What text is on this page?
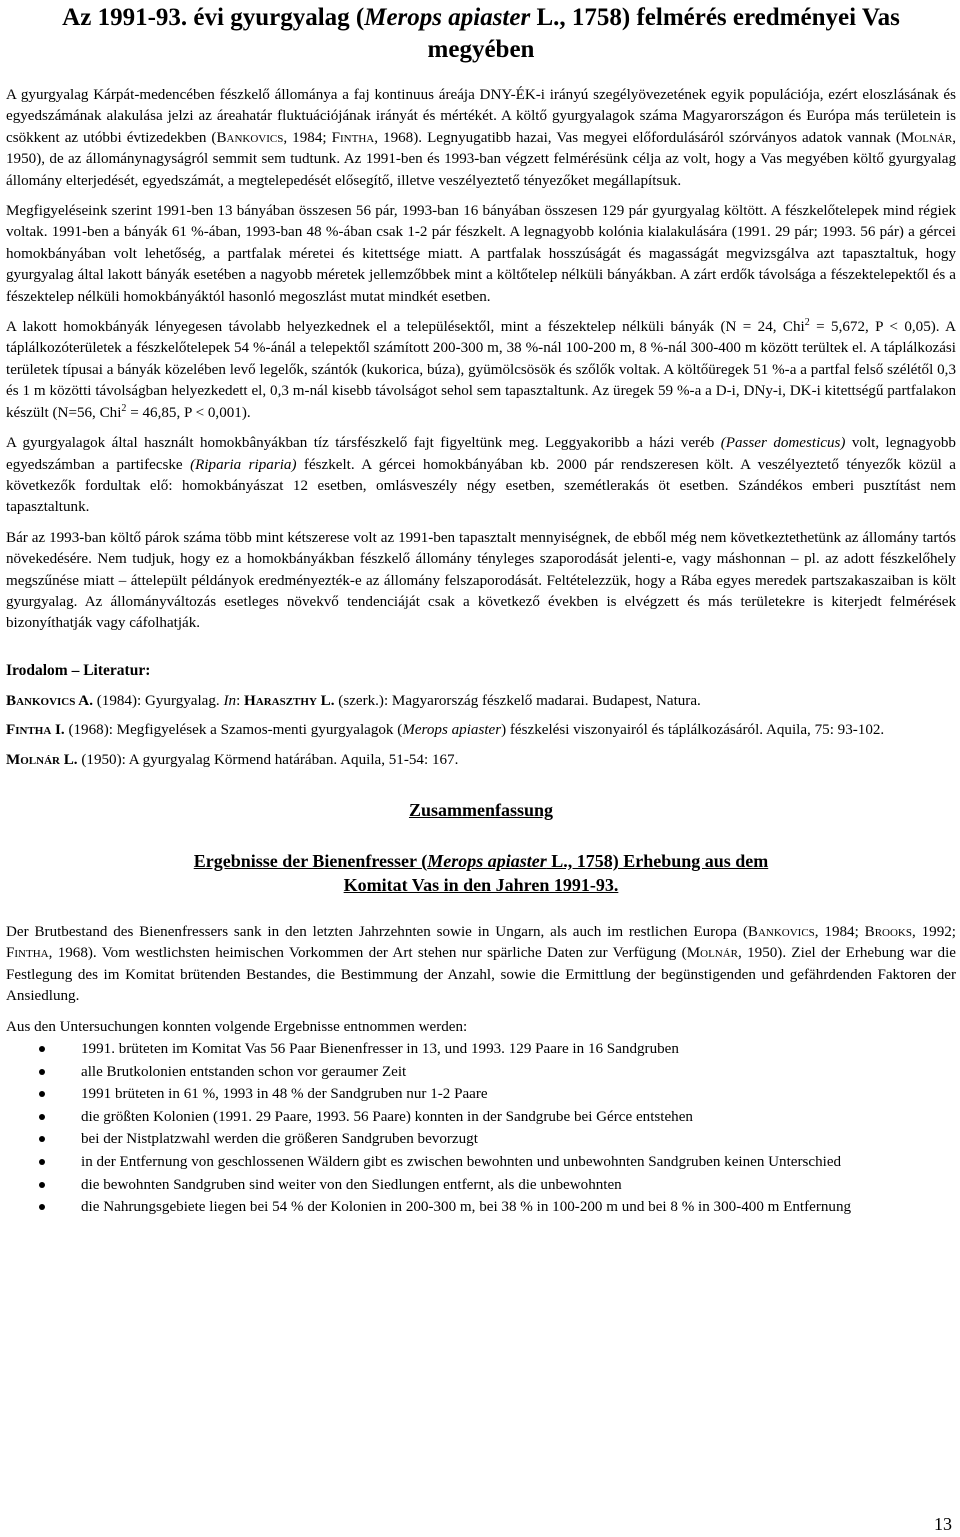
Az 1991-93. évi gyurgyalag (Merops apiaster L., 1758) felmérés eredményei Vas
megyében

A gyurgyalag Kárpát-medencében fészkelő állománya a faj kontinuus áreája DNY-ÉK-i irányú szegélyövezetének egyik populációja, ezért eloszlásának és egyedszámának alakulása jelzi az áreahatár fluktuációjának irányát és mértékét. A költő gyurgyalagok száma Magyarországon és Európa más területein is csökkent az utóbbi évtizedekben (Bankovics, 1984; Fintha, 1968). Legnyugatibb hazai, Vas megyei előfordulásáról szórványos adatok vannak (Molnár, 1950), de az állománynagyságról semmit sem tudtunk. Az 1991-ben és 1993-ban végzett felmérésünk célja az volt, hogy a Vas megyében költő gyurgyalag állomány elterjedését, egyedszámát, a megtelepedését elősegítő, illetve veszélyeztető tényezőket megállapítsuk.

Megfigyeléseink szerint 1991-ben 13 bányában összesen 56 pár, 1993-ban 16 bányában összesen 129 pár gyurgyalag költött. A fészkelőtelepek mind régiek voltak. 1991-ben a bányák 61 %-ában, 1993-ban 48 %-ában csak 1-2 pár fészkelt. A legnagyobb kolónia kialakulására (1991. 29 pár; 1993. 56 pár) a gércei homokbányában volt lehetőség, a partfalak méretei és kitettsége miatt. A partfalak hosszúságát és magasságát megvizsgálva azt tapasztaltuk, hogy gyurgyalag által lakott bányák esetében a nagyobb méretek jellemzőbbek mint a költőtelep nélküli bányákban. A zárt erdők távolsága a fészektelepektől és a fészektelep nélküli homokbányáktól hasonló megoszlást mutat mindkét esetben.

A lakott homokbányák lényegesen távolabb helyezkednek el a településektől, mint a fészektelep nélküli bányák (N = 24, Chi$^2$ = 5,672, P < 0,05). A táplálkozóterületek a fészkelőtelepek 54 %-ánál a telepektől számított 200-300 m, 38 %-nál 100-200 m, 8 %-nál 300-400 m között terültek el. A táplálkozási területek típusai a bányák közelében levő legelők, szántók (kukorica, búza), gyümölcsösök és szőlők voltak. A költőüregek 51 %-a a partfal felső szélétől 0,3 és 1 m közötti távolságban helyezkedett el, 0,3 m-nál kisebb távolságot sehol sem tapasztaltunk. Az üregek 59 %-a a D-i, DNy-i, DK-i kitettségű partfalakon készült (N=56, Chi$^2$ = 46,85, P < 0,001).

A gyurgyalagok által használt homokbânyákban tíz társfészkelő fajt figyeltünk meg. Leggyakoribb a házi veréb (Passer domesticus) volt, legnagyobb egyedszámban a partifecske (Riparia riparia) fészkelt. A gércei homokbányában kb. 2000 pár rendszeresen költ. A veszélyeztető tényezők közül a következők fordultak elő: homokbányászat 12 esetben, omlásveszély négy esetben, szemétlerakás öt esetben. Szándékos emberi pusztítást nem tapasztaltunk.

Bár az 1993-ban költő párok száma több mint kétszerese volt az 1991-ben tapasztalt mennyiségnek, de ebből még nem következtethetünk az állomány tartós növekedésére. Nem tudjuk, hogy ez a homokbányákban fészkelő állomány tényleges szaporodását jelenti-e, vagy máshonnan – pl. az adott fészkelőhely megszűnése miatt – áttelepült példányok eredményezték-e az állomány felszaporodását. Feltételezzük, hogy a Rába egyes meredek partszakaszaiban is költ gyurgyalag. Az állományváltozás esetleges növekvő tendenciáját csak a következő években is elvégzett és más területekre is kiterjedt felmérések bizonyíthatják vagy cáfolhatják.

Irodalom – Literatur:

Bankovics A. (1984): Gyurgyalag. In: Haraszthy L. (szerk.): Magyarország fészkelő madarai. Budapest, Natura.

Fintha I. (1968): Megfigyelések a Szamos-menti gyurgyalagok (Merops apiaster) fészkelési viszonyairól és táplálkozásáról. Aquila, 75: 93-102.

Molnár L. (1950): A gyurgyalag Körmend határában. Aquila, 51-54: 167.

Zusammenfassung
Ergebnisse der Bienenfresser (Merops apiaster L., 1758) Erhebung aus dem
Komitat Vas in den Jahren 1991-93.

Der Brutbestand des Bienenfressers sank in den letzten Jahrzehnten sowie in Ungarn, als auch im restlichen Europa (Bankovics, 1984; Brooks, 1992; Fintha, 1968). Vom westlichsten heimischen Vorkommen der Art stehen nur spärliche Daten zur Verfügung (Molnár, 1950). Ziel der Erhebung war die Festlegung des im Komitat brütenden Bestandes, die Bestimmung der Anzahl, sowie die Ermittlung der begünstigenden und gefährdenden Faktoren der Ansiedlung.

Aus den Untersuchungen konnten volgende Ergebnisse entnommen werden:

1991. brüteten im Komitat Vas 56 Paar Bienenfresser in 13, und 1993. 129 Paare in 16 Sandgruben
alle Brutkolonien entstanden schon vor geraumer Zeit
1991 brüteten in 61 %, 1993 in 48 % der Sandgruben nur 1-2 Paare
die größten Kolonien (1991. 29 Paare, 1993. 56 Paare) konnten in der Sandgrube bei Gérce entstehen
bei der Nistplatzwahl werden die größeren Sandgruben bevorzugt
in der Entfernung von geschlossenen Wäldern gibt es zwischen bewohnten und unbewohnten Sandgruben keinen Unterschied
die bewohnten Sandgruben sind weiter von den Siedlungen entfernt, als die unbewohnten
die Nahrungsgebiete liegen bei 54 % der Kolonien in 200-300 m, bei 38 % in 100-200 m und bei 8 % in 300-400 m Entfernung
13
